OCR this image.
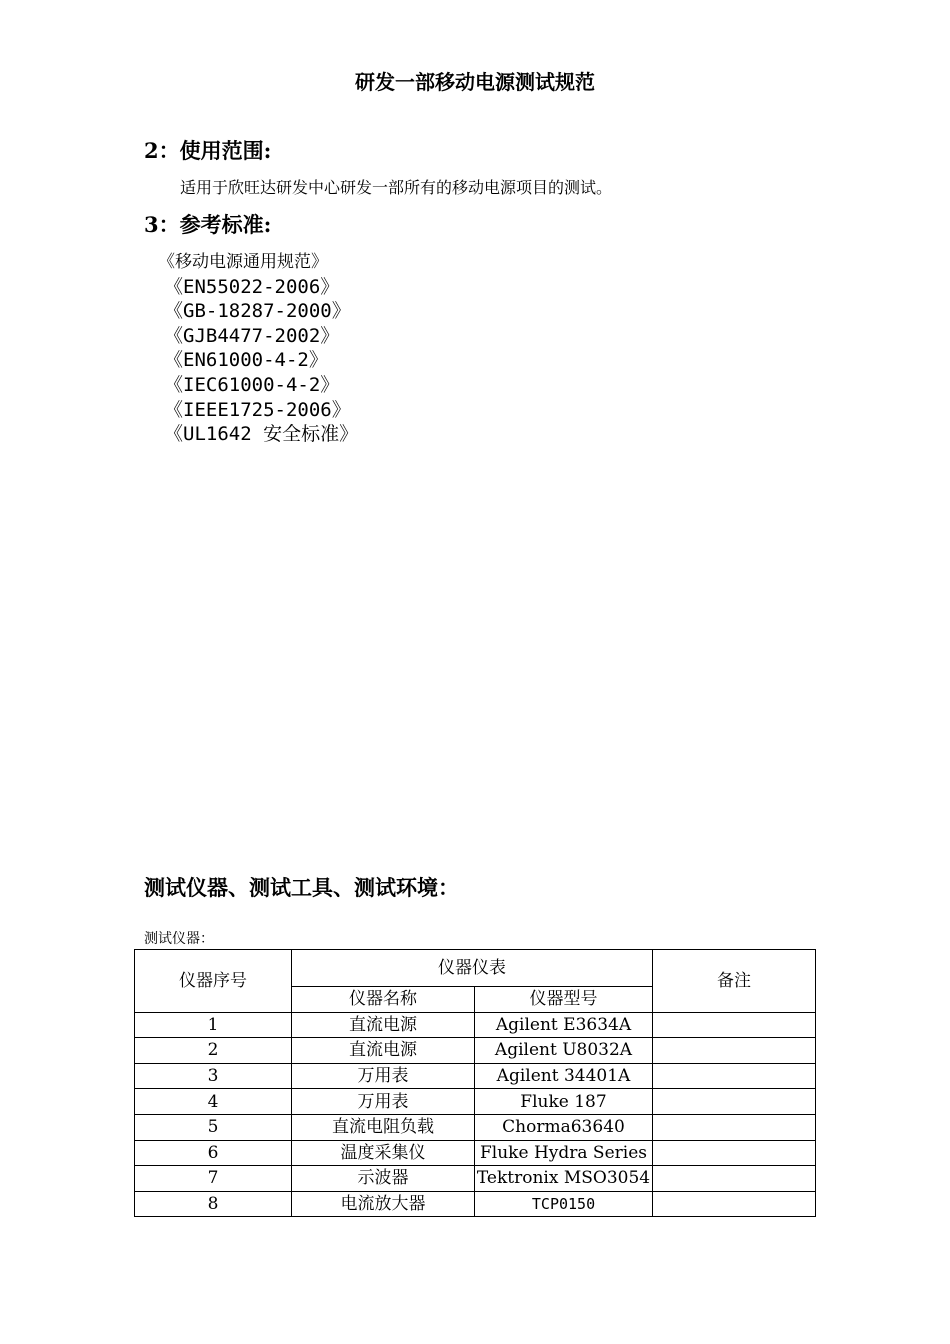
研发一部移动电源测试规范
2：使用范围:
适用于欣旺达研发中心研发一部所有的移动电源项目的测试。
3：参考标准:
《移动电源通用规范》
《EN55022-2006》
《GB-18287-2000》
《GJB4477-2002》
《EN61000-4-2》
《IEC61000-4-2》
《IEEE1725-2006》
《UL1642 安全标准》
测试仪器、测试工具、测试环境：
测试仪器：
仪器序号	仪器仪表		备注
	仪器名称	仪器型号	
1	直流电源	Agilent E3634A	
2	直流电源	Agilent U8032A	
3	万用表	Agilent 34401A	
4	万用表	Fluke 187	
5	直流电阻负载	Chorma63640	
6	温度采集仪	Fluke Hydra Series	
7	示波器	Tektronix MSO3054	
8	电流放大器	TCP0150	
